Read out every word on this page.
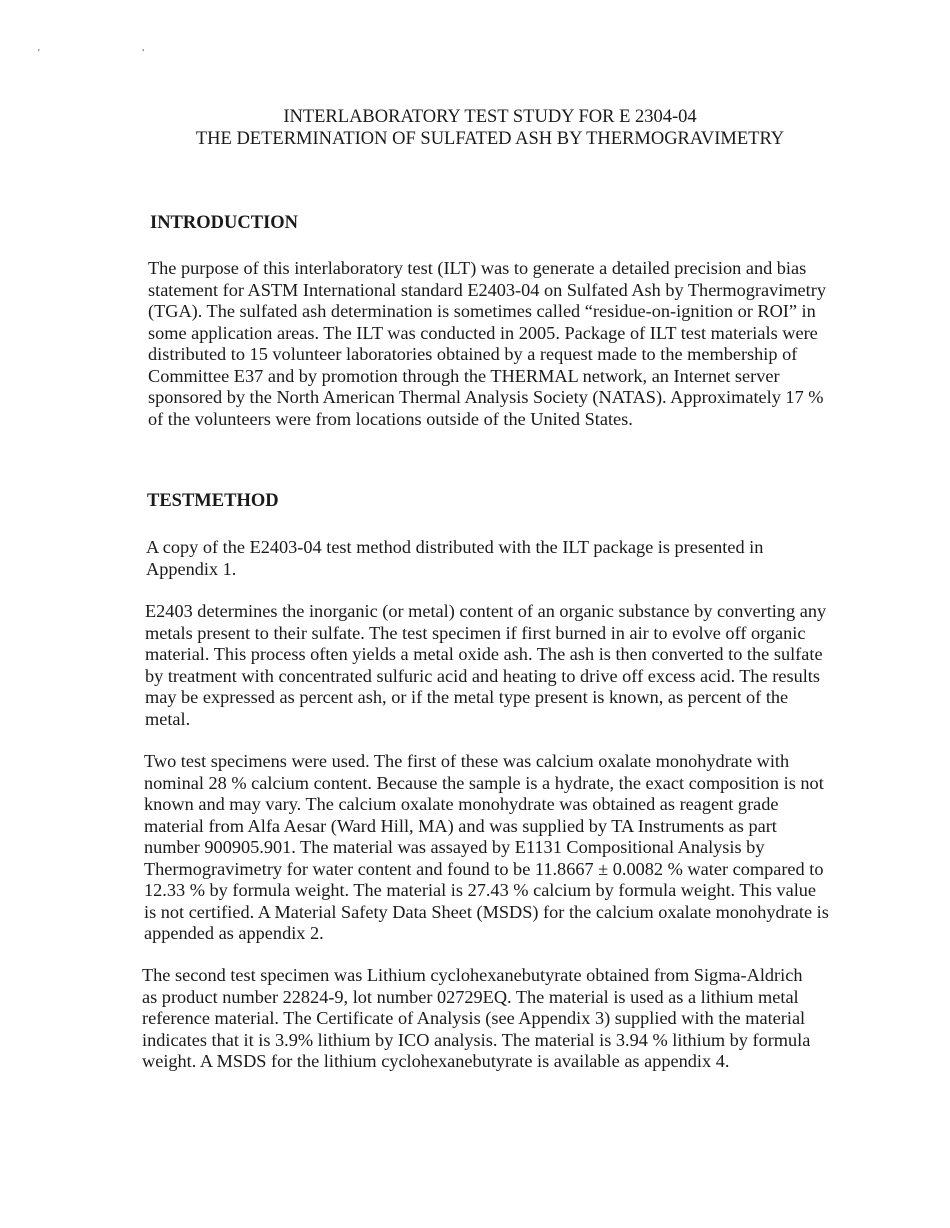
' '
INTERLABORATORY TEST STUDY FOR E 2304-04
THE DETERMINATION OF SULFATED ASH BY THERMOGRAVIMETRY

INTRODUCTION

The purpose of this interlaboratory test (ILT) was to generate a detailed precision and bias statement for ASTM International standard E2403-04 on Sulfated Ash by Thermogravimetry (TGA). The sulfated ash determination is sometimes called “residue-on-ignition or ROI” in some application areas. The ILT was conducted in 2005. Package of ILT test materials were distributed to 15 volunteer laboratories obtained by a request made to the membership of Committee E37 and by promotion through the THERMAL network, an Internet server sponsored by the North American Thermal Analysis Society (NATAS). Approximately 17 % of the volunteers were from locations outside of the United States.

TESTMETHOD

A copy of the E2403-04 test method distributed with the ILT package is presented in Appendix 1.

E2403 determines the inorganic (or metal) content of an organic substance by converting any metals present to their sulfate. The test specimen if first burned in air to evolve off organic material. This process often yields a metal oxide ash. The ash is then converted to the sulfate by treatment with concentrated sulfuric acid and heating to drive off excess acid. The results may be expressed as percent ash, or if the metal type present is known, as percent of the metal.

Two test specimens were used. The first of these was calcium oxalate monohydrate with nominal 28 % calcium content. Because the sample is a hydrate, the exact composition is not known and may vary. The calcium oxalate monohydrate was obtained as reagent grade material from Alfa Aesar (Ward Hill, MA) and was supplied by TA Instruments as part number 900905.901. The material was assayed by E1131 Compositional Analysis by Thermogravimetry for water content and found to be 11.8667 ± 0.0082 % water compared to 12.33 % by formula weight. The material is 27.43 % calcium by formula weight. This value is not certified. A Material Safety Data Sheet (MSDS) for the calcium oxalate monohydrate is appended as appendix 2.

The second test specimen was Lithium cyclohexanebutyrate obtained from Sigma-Aldrich as product number 22824-9, lot number 02729EQ. The material is used as a lithium metal reference material. The Certificate of Analysis (see Appendix 3) supplied with the material indicates that it is 3.9% lithium by ICO analysis. The material is 3.94 % lithium by formula weight. A MSDS for the lithium cyclohexanebutyrate is available as appendix 4.
